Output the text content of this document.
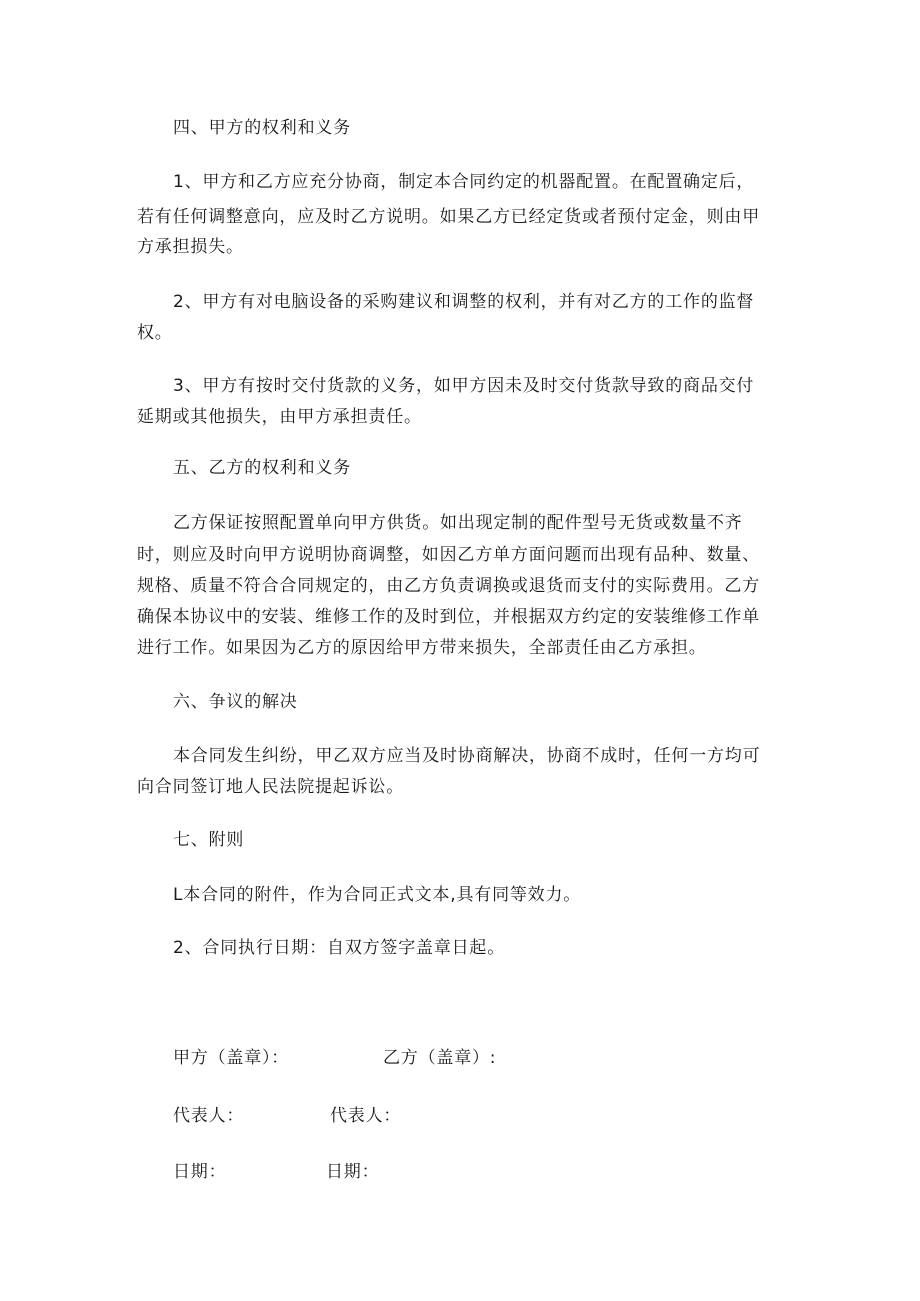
四、甲方的权利和义务
1、甲方和乙方应充分协商，制定本合同约定的机器配置。在配置确定后，
若有任何调整意向，应及时乙方说明。如果乙方已经定货或者预付定金，则由甲
方承担损失。
2、甲方有对电脑设备的采购建议和调整的权利，并有对乙方的工作的监督
权。
3、甲方有按时交付货款的义务，如甲方因未及时交付货款导致的商品交付
延期或其他损失，由甲方承担责任。
五、乙方的权利和义务
乙方保证按照配置单向甲方供货。如出现定制的配件型号无货或数量不齐
时，则应及时向甲方说明协商调整，如因乙方单方面问题而出现有品种、数量、
规格、质量不符合合同规定的，由乙方负责调换或退货而支付的实际费用。乙方
确保本协议中的安装、维修工作的及时到位，并根据双方约定的安装维修工作单
进行工作。如果因为乙方的原因给甲方带来损失，全部责任由乙方承担。
六、争议的解决
本合同发生纠纷，甲乙双方应当及时协商解决，协商不成时，任何一方均可
向合同签订地人民法院提起诉讼。
七、附则
L本合同的附件，作为合同正式文本,具有同等效力。
2、合同执行日期：自双方签字盖章日起。
甲方（盖章）：	乙方（盖章）:
代表人：	代表人：
日期：	日期：
